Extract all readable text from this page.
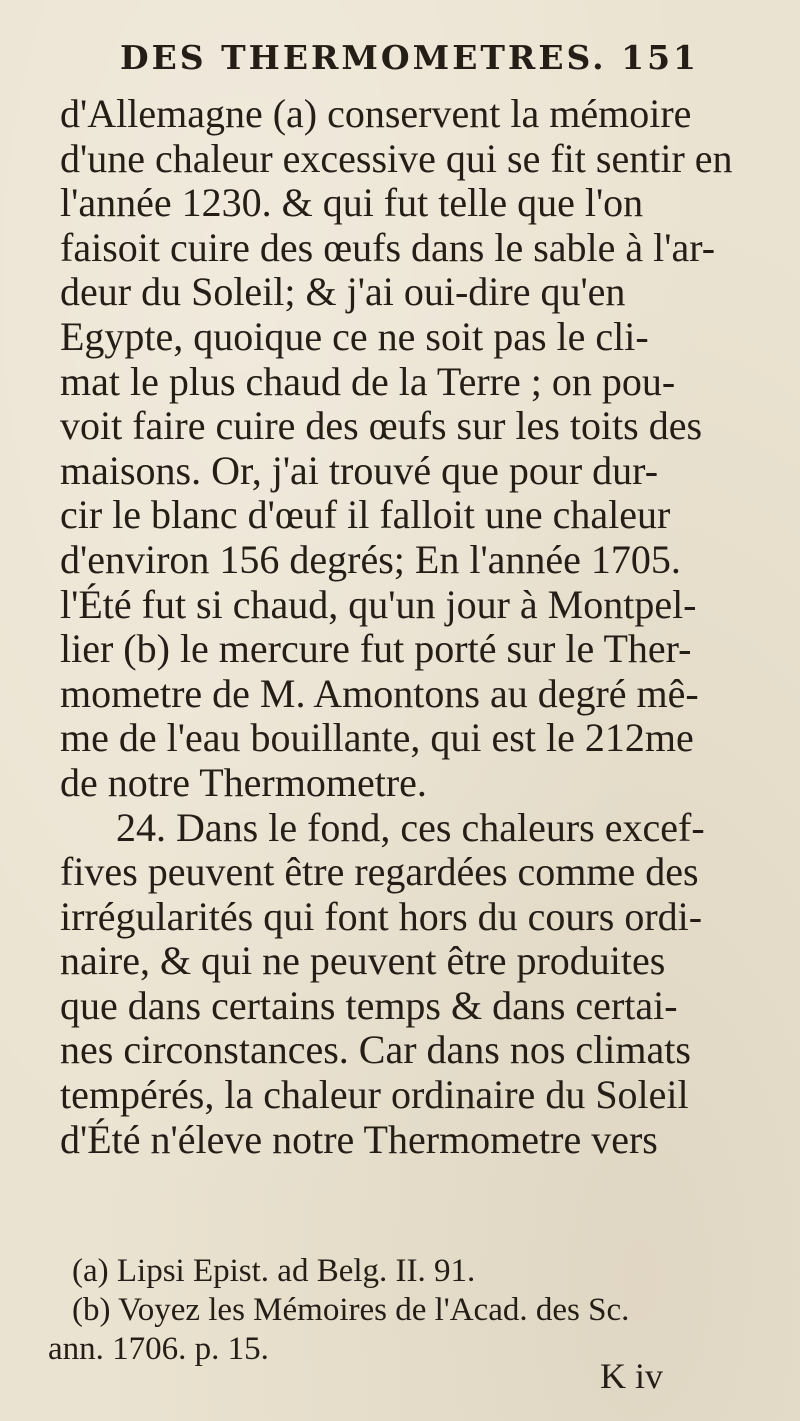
DES THERMOMETRES. 151
d'Allemagne (a) conservent la mémoire
d'une chaleur excessive qui se fit sentir en
l'année 1230. & qui fut telle que l'on
faisoit cuire des œufs dans le sable à l'ar-
deur du Soleil; & j'ai oui-dire qu'en
Egypte, quoique ce ne soit pas le cli-
mat le plus chaud de la Terre ; on pou-
voit faire cuire des œufs sur les toits des
maisons. Or, j'ai trouvé que pour dur-
cir le blanc d'œuf il falloit une chaleur
d'environ 156 degrés; En l'année 1705.
l'Été fut si chaud, qu'un jour à Montpel-
lier (b) le mercure fut porté sur le Ther-
mometre de M. Amontons au degré mê-
me de l'eau bouillante, qui est le 212me
de notre Thermometre.
24. Dans le fond, ces chaleurs excef-
fives peuvent être regardées comme des
irrégularités qui font hors du cours ordi-
naire, & qui ne peuvent être produites
que dans certains temps & dans certai-
nes circonstances. Car dans nos climats
tempérés, la chaleur ordinaire du Soleil
d'Été n'éleve notre Thermometre vers
(a) Lipsi Epist. ad Belg. II. 91.
(b) Voyez les Mémoires de l'Acad. des Sc.
ann. 1706. p. 15.
K iv
